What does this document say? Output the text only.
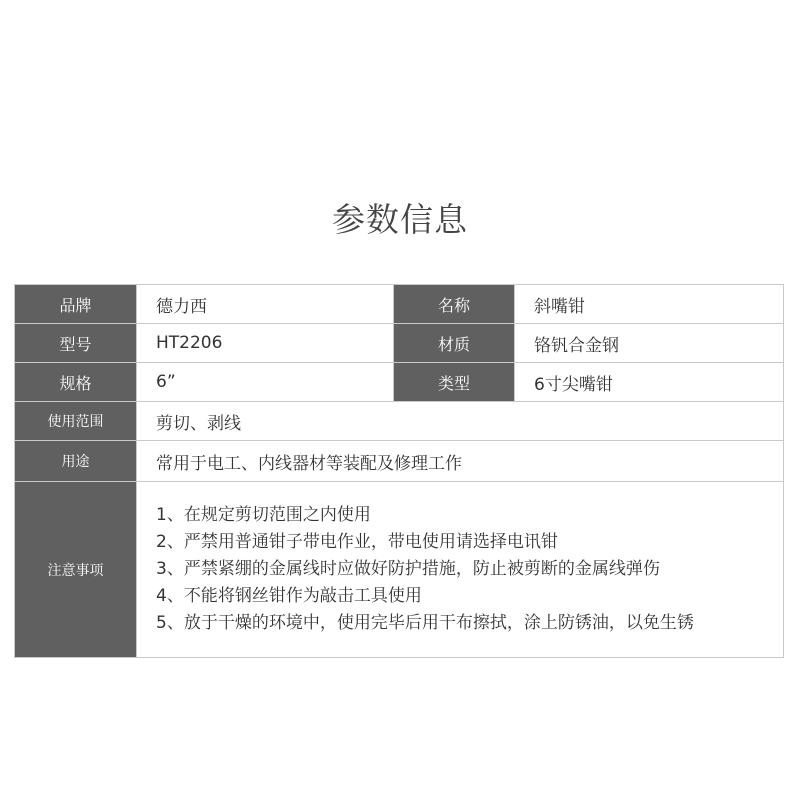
参数信息
品牌	德力西	名称	斜嘴钳
型号	HT2206	材质	铬钒合金钢
规格	6”	类型	6寸尖嘴钳
使用范围	剪切、剥线		
用途	常用于电工、内线器材等装配及修理工作		
注意事项	1、在规定剪切范围之内使用
2、严禁用普通钳子带电作业，带电使用请选择电讯钳
3、严禁紧绷的金属线时应做好防护措施，防止被剪断的金属线弹伤
4、不能将钢丝钳作为敲击工具使用
5、放于干燥的环境中，使用完毕后用干布擦拭，涂上防锈油，以免生锈		
